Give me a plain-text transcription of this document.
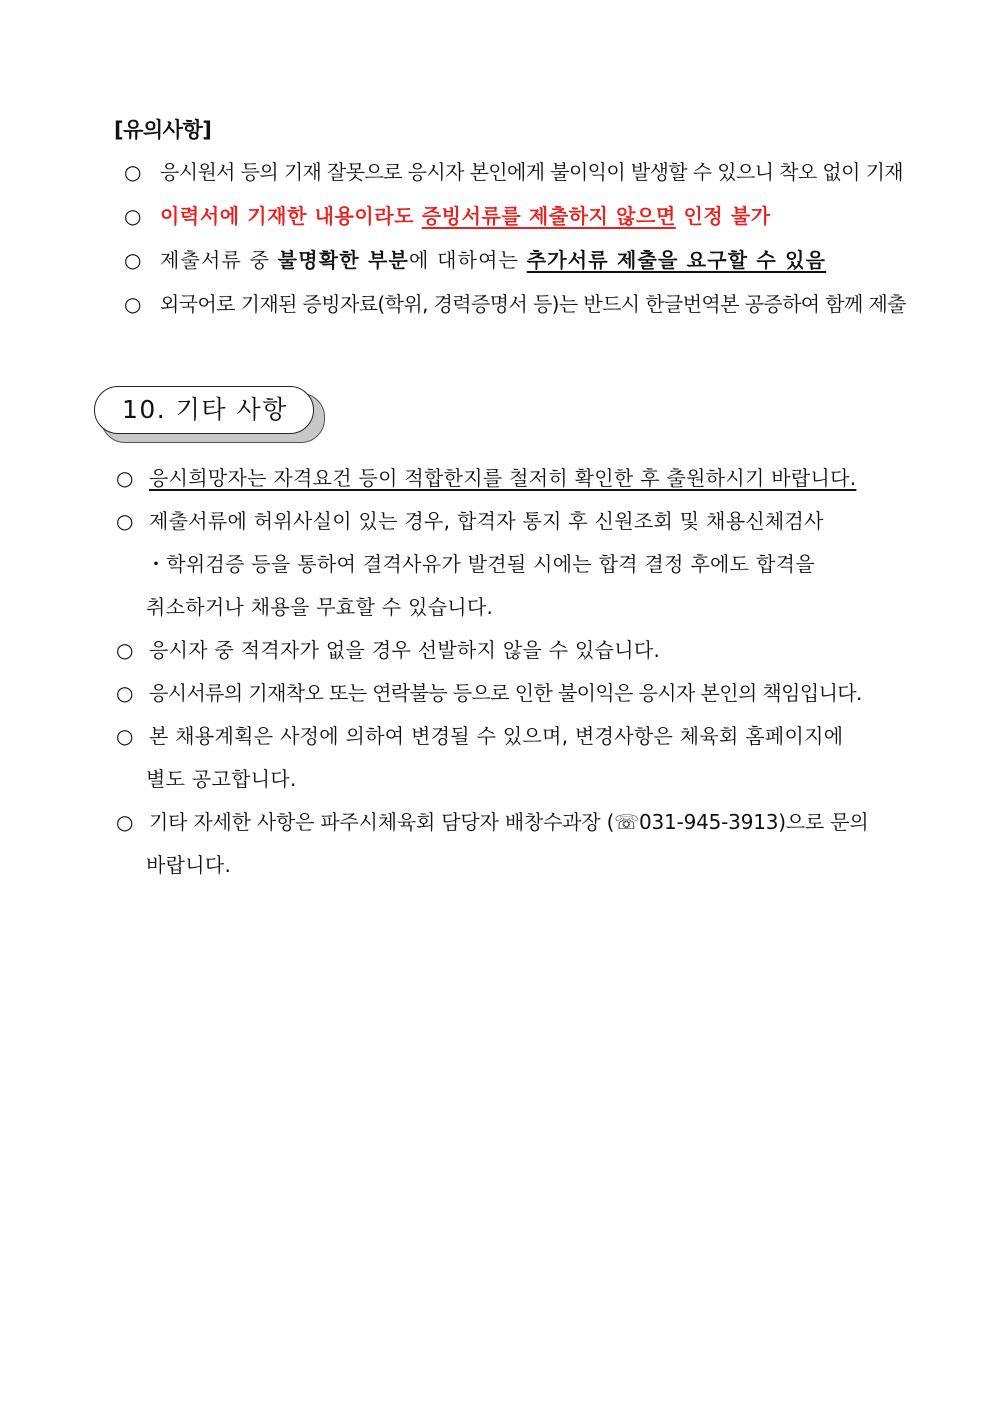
[유의사항]
○ 응시원서 등의 기재 잘못으로 응시자 본인에게 불이익이 발생할 수 있으니 착오 없이 기재
○ 이력서에 기재한 내용이라도 증빙서류를 제출하지 않으면 인정 불가
○ 제출서류 중 불명확한 부분에 대하여는 추가서류 제출을 요구할 수 있음
○ 외국어로 기재된 증빙자료(학위, 경력증명서 등)는 반드시 한글번역본 공증하여 함께 제출
10. 기타 사항
○ 응시희망자는 자격요건 등이 적합한지를 철저히 확인한 후 출원하시기 바랍니다.
○ 제출서류에 허위사실이 있는 경우, 합격자 통지 후 신원조회 및 채용신체검사
・학위검증 등을 통하여 결격사유가 발견될 시에는 합격 결정 후에도 합격을
취소하거나 채용을 무효할 수 있습니다.
○ 응시자 중 적격자가 없을 경우 선발하지 않을 수 있습니다.
○ 응시서류의 기재착오 또는 연락불능 등으로 인한 불이익은 응시자 본인의 책임입니다.
○ 본 채용계획은 사정에 의하여 변경될 수 있으며, 변경사항은 체육회 홈페이지에
별도 공고합니다.
○ 기타 자세한 사항은 파주시체육회 담당자 배창수과장 (☏031-945-3913)으로 문의
바랍니다.
